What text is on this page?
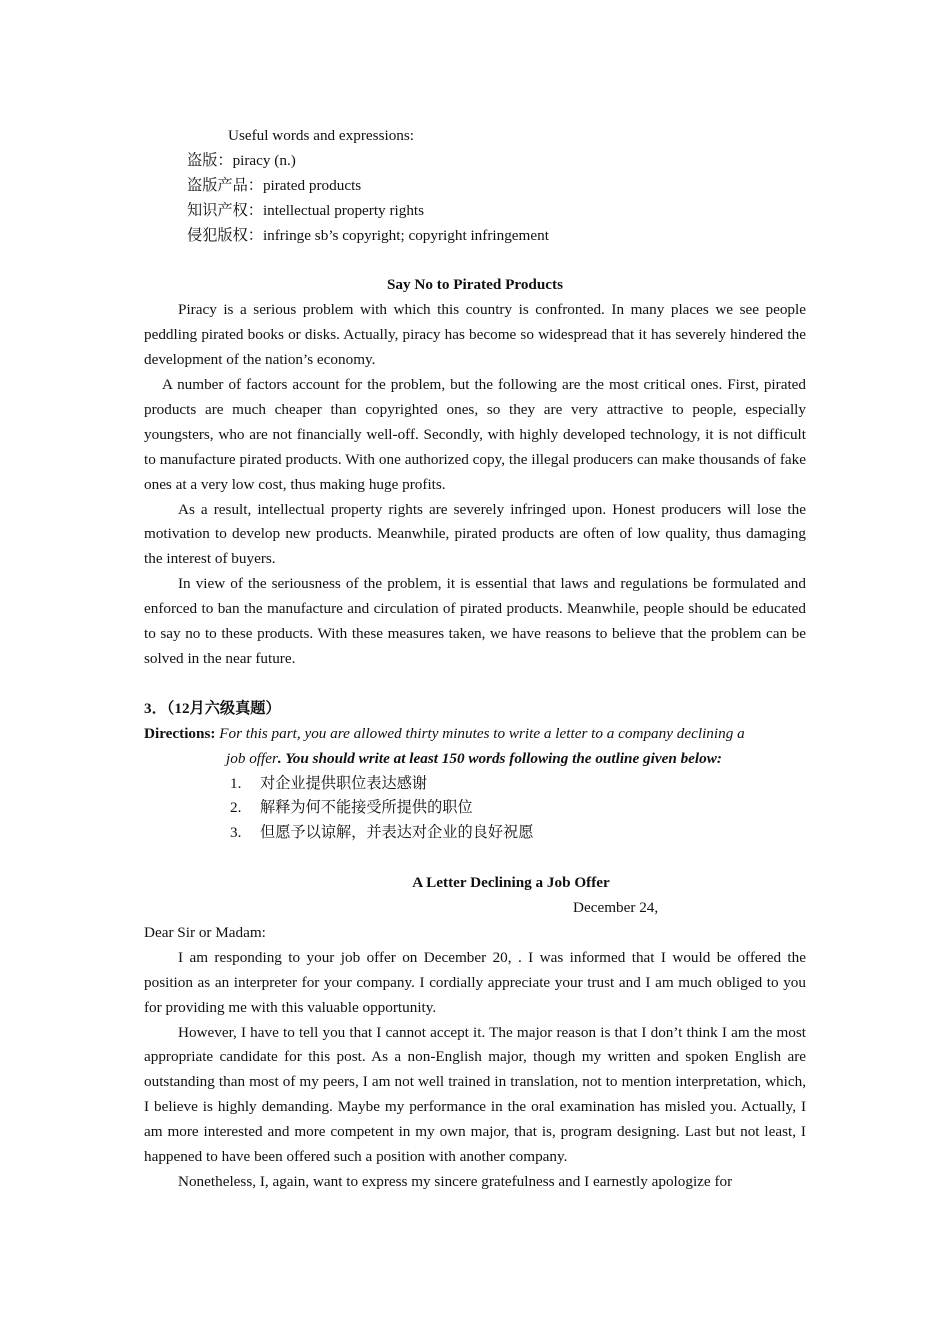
Useful words and expressions:
盗版：piracy (n.)
盗版产品：pirated products
知识产权：intellectual property rights
侵犯版权：infringe sb’s copyright; copyright infringement
Say No to Pirated Products

Piracy is a serious problem with which this country is confronted. In many places we see people peddling pirated books or disks. Actually, piracy has become so widespread that it has severely hindered the development of the nation’s economy.

A number of factors account for the problem, but the following are the most critical ones. First, pirated products are much cheaper than copyrighted ones, so they are very attractive to people, especially youngsters, who are not financially well-off. Secondly, with highly developed technology, it is not difficult to manufacture pirated products. With one authorized copy, the illegal producers can make thousands of fake ones at a very low cost, thus making huge profits.

As a result, intellectual property rights are severely infringed upon. Honest producers will lose the motivation to develop new products. Meanwhile, pirated products are often of low quality, thus damaging the interest of buyers.

In view of the seriousness of the problem, it is essential that laws and regulations be formulated and enforced to ban the manufacture and circulation of pirated products. Meanwhile, people should be educated to say no to these products. With these measures taken, we have reasons to believe that the problem can be solved in the near future.

3．（12月六级真题）
Directions: For this part, you are allowed thirty minutes to write a letter to a company declining a
job offer. You should write at least 150 words following the outline given below:
1. 对企业提供职位表达感谢
2. 解释为何不能接受所提供的职位
3. 但愿予以谅解，并表达对企业的良好祝愿
A Letter Declining a Job Offer
December 24,
Dear Sir or Madam:

I am responding to your job offer on December 20, . I was informed that I would be offered the position as an interpreter for your company. I cordially appreciate your trust and I am much obliged to you for providing me with this valuable opportunity.

However, I have to tell you that I cannot accept it. The major reason is that I don’t think I am the most appropriate candidate for this post. As a non-English major, though my written and spoken English are outstanding than most of my peers, I am not well trained in translation, not to mention interpretation, which, I believe is highly demanding. Maybe my performance in the oral examination has misled you. Actually, I am more interested and more competent in my own major, that is, program designing. Last but not least, I happened to have been offered such a position with another company.

Nonetheless, I, again, want to express my sincere gratefulness and I earnestly apologize for
